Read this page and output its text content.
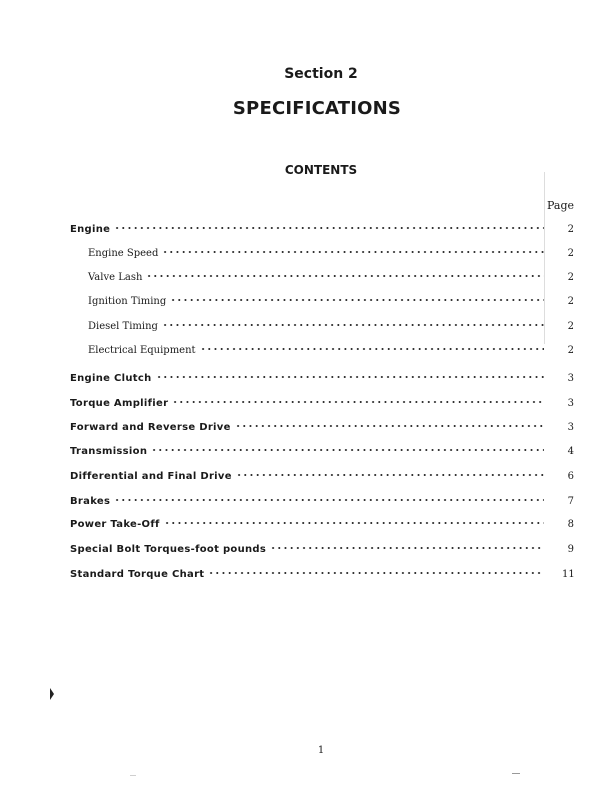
Section 2
SPECIFICATIONS
CONTENTS
Page
Engine	2
Engine Speed	2
Valve Lash	2
Ignition Timing	2
Diesel Timing	2
Electrical Equipment	2
Engine Clutch	3
Torque Amplifier	3
Forward and Reverse Drive	3
Transmission	4
Differential and Final Drive	6
Brakes	7
Power Take-Off	8
Special Bolt Torques-foot pounds	9
Standard Torque Chart	11
1
